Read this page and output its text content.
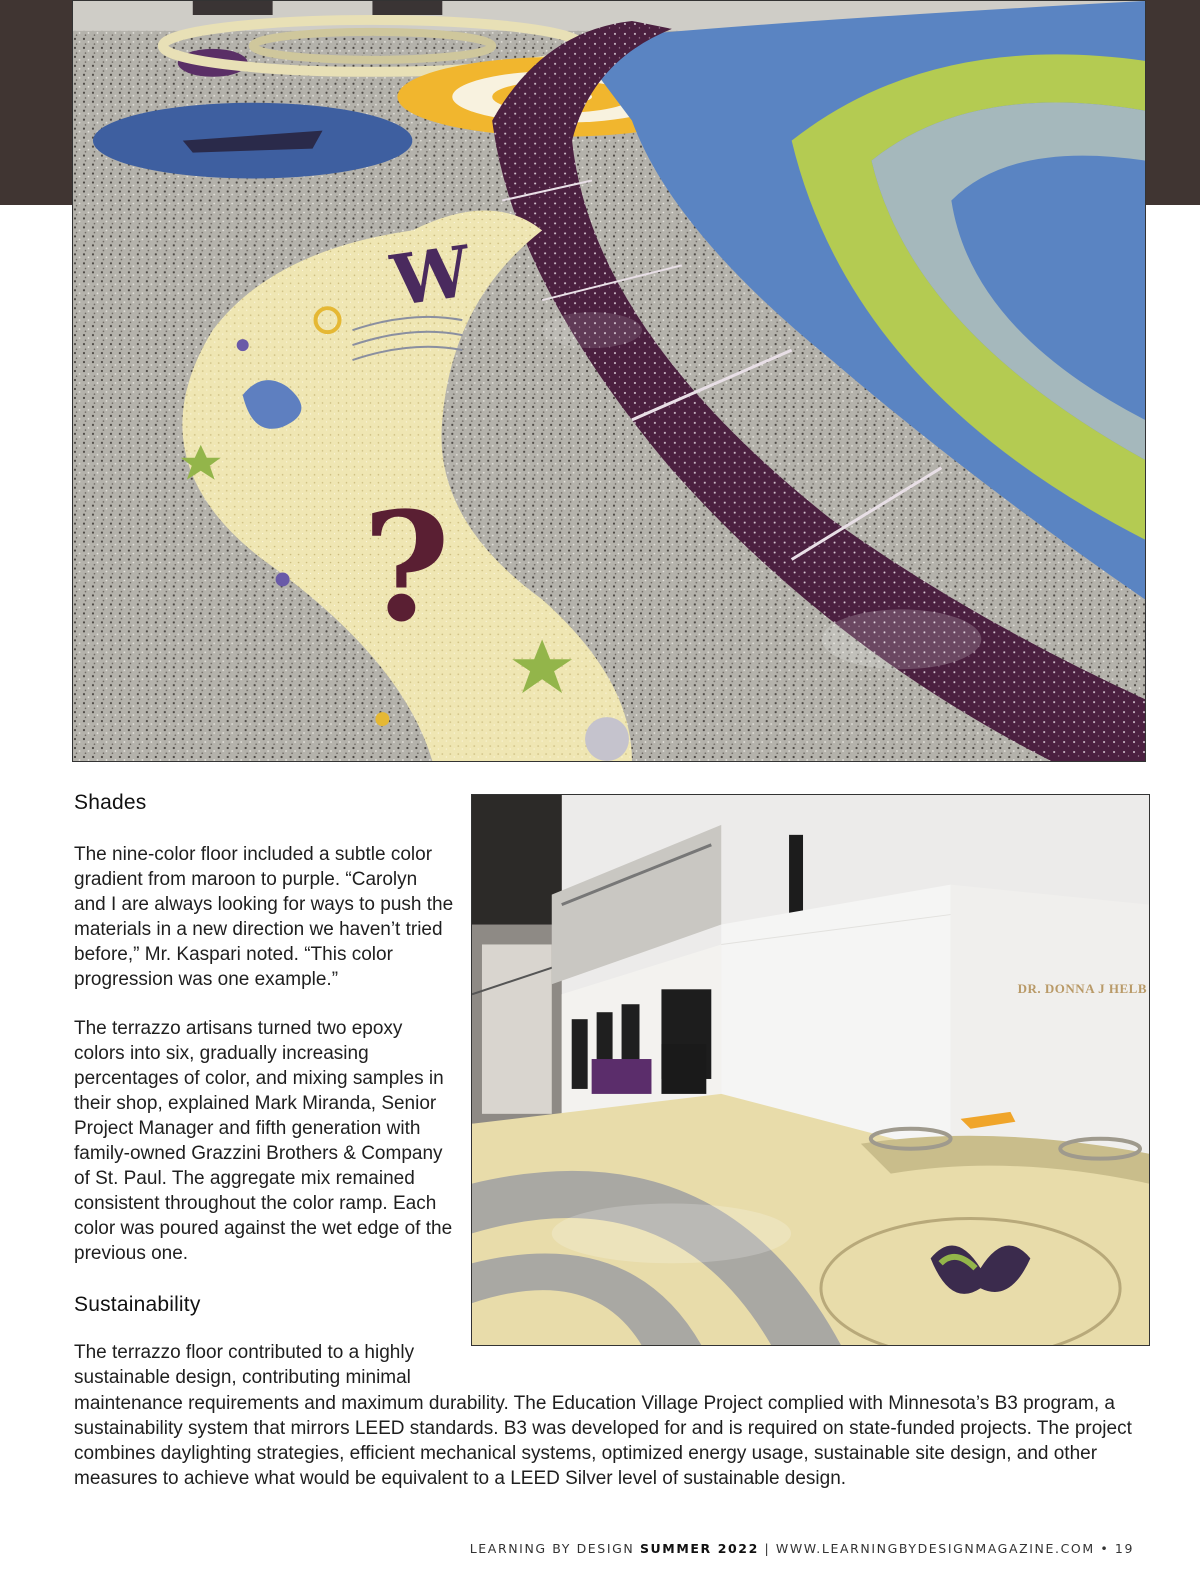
W
?
DR. DONNA J HELB
Shades

The nine-color floor included a subtle color gradient from maroon to purple. “Carolyn and I are always looking for ways to push the materials in a new direction we haven’t tried before,” Mr. Kaspari noted. “This color progression was one example.”

The terrazzo artisans turned two epoxy colors into six, gradually increasing percentages of color, and mixing samples in their shop, explained Mark Miranda, Senior Project Manager and fifth generation with family-owned Grazzini Brothers & Company of St. Paul. The aggregate mix remained consistent throughout the color ramp. Each color was poured against the wet edge of the previous one.

Sustainability

The terrazzo floor contributed to a highly sustainable design, contributing minimal

maintenance requirements and maximum durability. The Education Village Project complied with Minnesota’s B3 program, a sustainability system that mirrors LEED standards. B3 was developed for and is required on state-funded projects. The project combines daylighting strategies, efficient mechanical systems, optimized energy usage, sustainable site design, and other measures to achieve what would be equivalent to a LEED Silver level of sustainable design.
LEARNING BY DESIGN SUMMER 2022 | WWW.LEARNINGBYDESIGNMAGAZINE.COM • 19
